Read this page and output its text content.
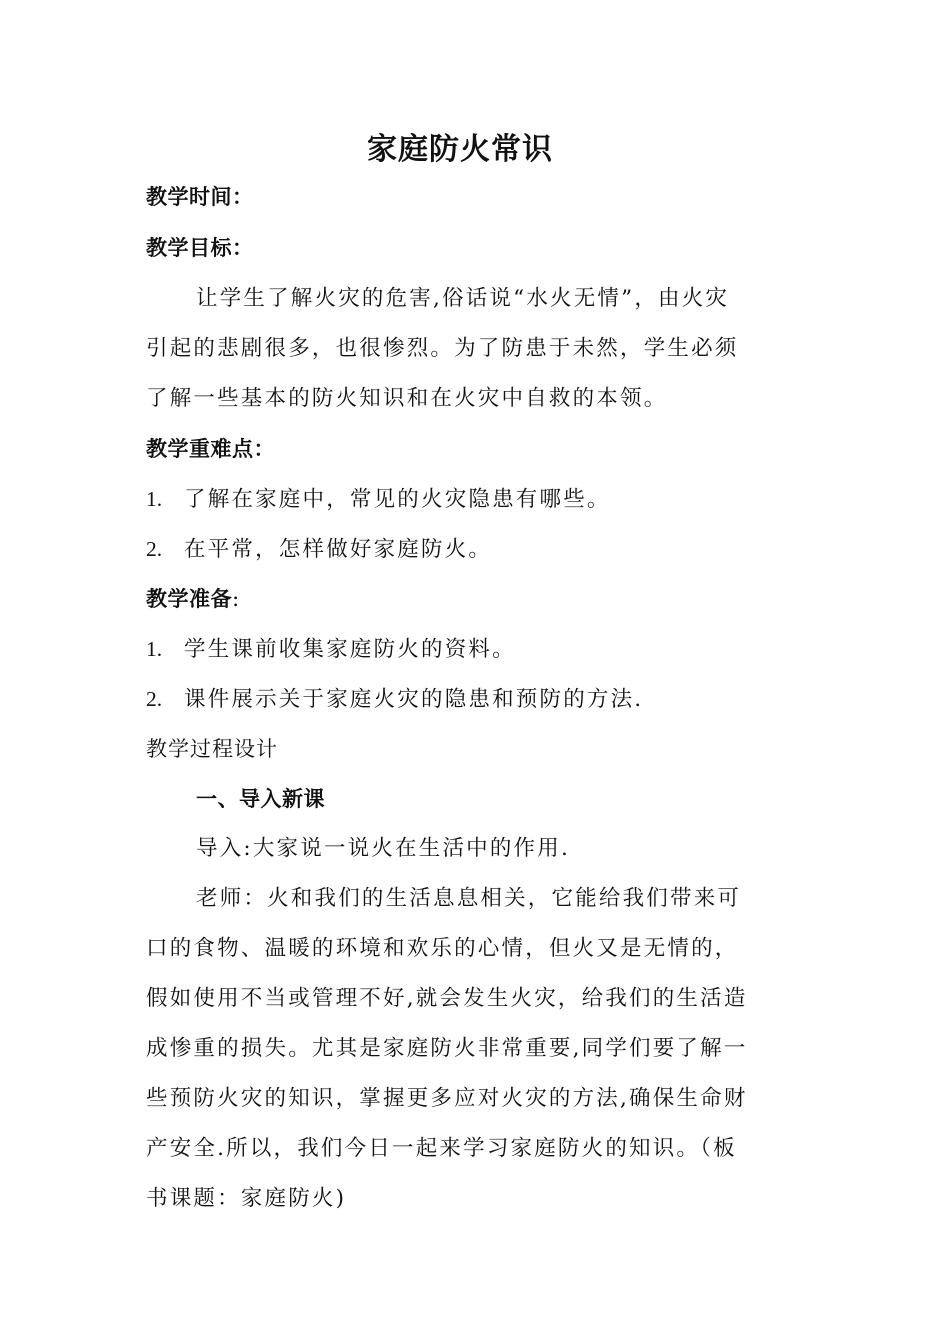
家庭防火常识
教学时间：
教学目标：
让学生了解火灾的危害,俗话说“水火无情”，由火灾
引起的悲剧很多，也很惨烈。为了防患于未然，学生必须
了解一些基本的防火知识和在火灾中自救的本领。
教学重难点：
1. 了解在家庭中，常见的火灾隐患有哪些。
2. 在平常，怎样做好家庭防火。
教学准备:
1. 学生课前收集家庭防火的资料。
2. 课件展示关于家庭火灾的隐患和预防的方法.
教学过程设计
一、导入新课
导入:大家说一说火在生活中的作用.
老师：火和我们的生活息息相关，它能给我们带来可
口的食物、温暖的环境和欢乐的心情，但火又是无情的，
假如使用不当或管理不好,就会发生火灾，给我们的生活造
成惨重的损失。尤其是家庭防火非常重要,同学们要了解一
些预防火灾的知识，掌握更多应对火灾的方法,确保生命财
产安全.所以，我们今日一起来学习家庭防火的知识。（板
书课题：家庭防火)
